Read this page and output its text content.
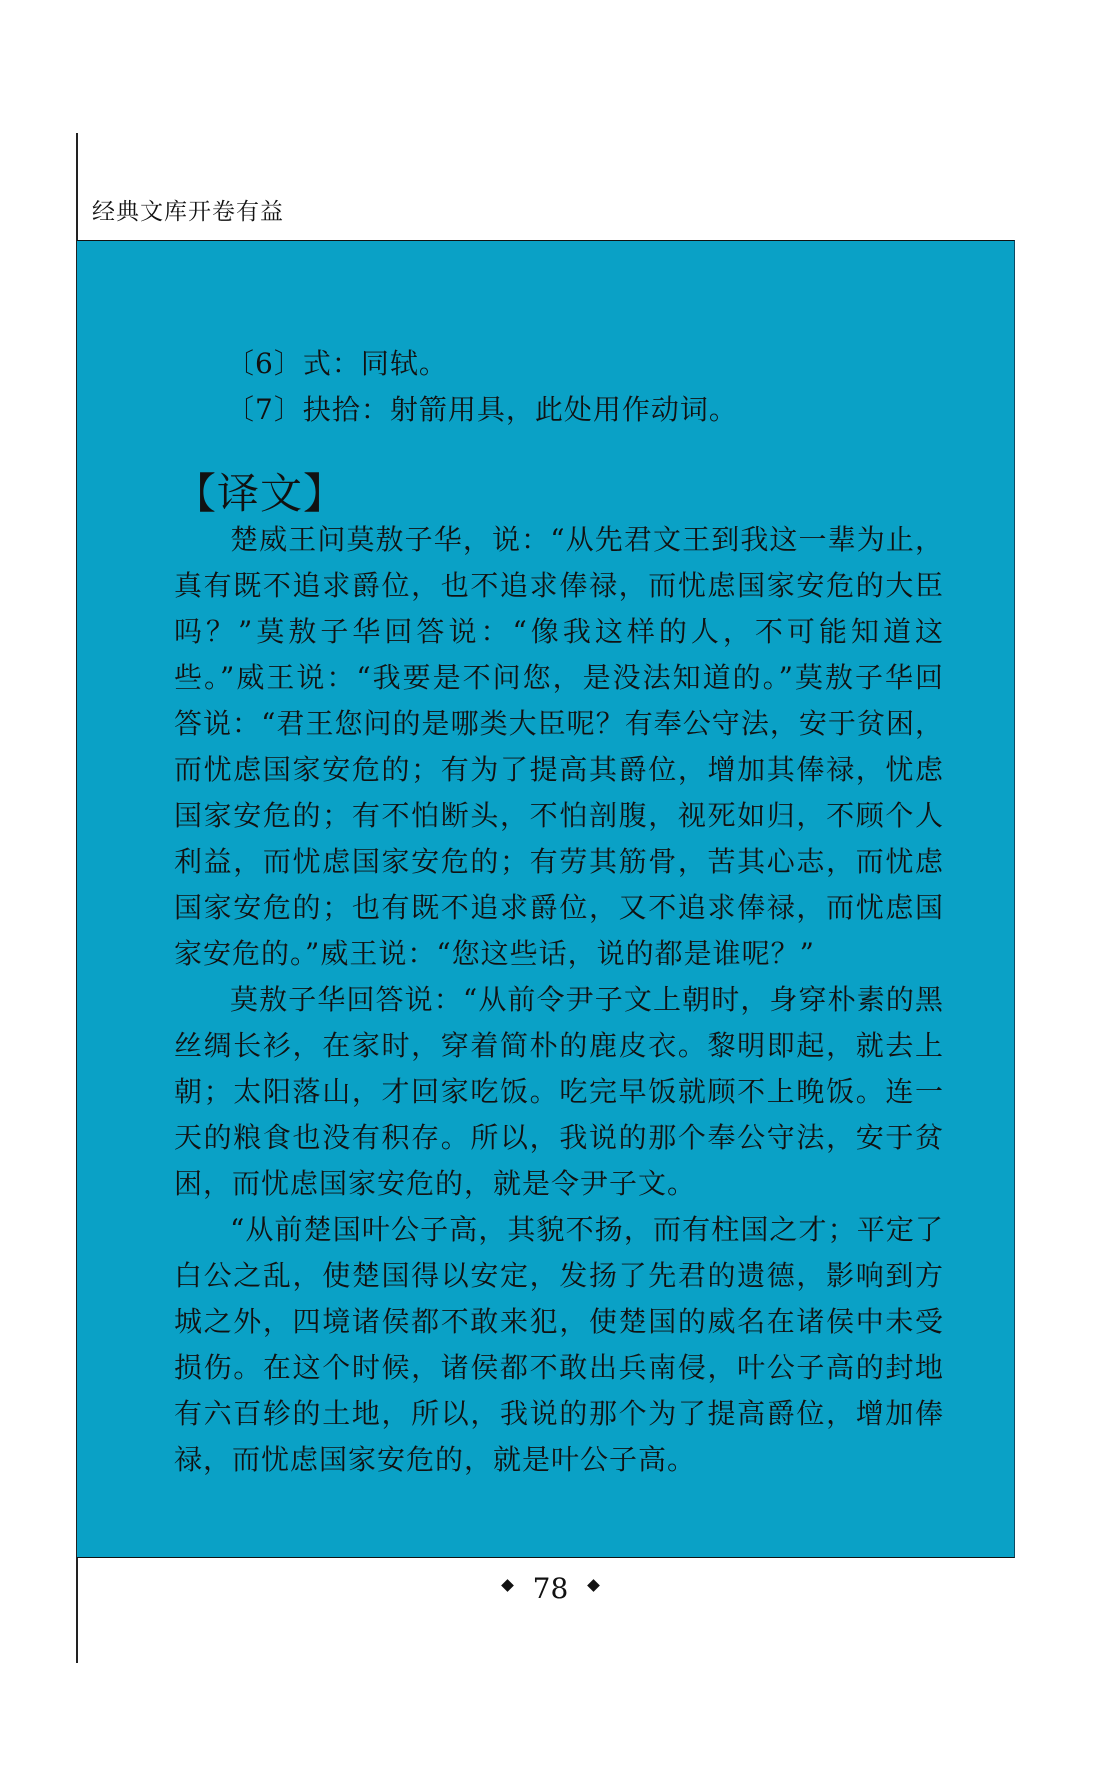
经典文库开卷有益

〔6〕式：同轼。

〔7〕抉拾：射箭用具，此处用作动词。

【译文】

楚威王问莫敖子华，说：“从先君文王到我这一辈为止，真有既不追求爵位，也不追求俸禄，而忧虑国家安危的大臣吗？”莫敖子华回答说：“像我这样的人，不可能知道这些。”威王说：“我要是不问您，是没法知道的。”莫敖子华回答说：“君王您问的是哪类大臣呢？有奉公守法，安于贫困，而忧虑国家安危的；有为了提高其爵位，增加其俸禄，忧虑国家安危的；有不怕断头，不怕剖腹，视死如归，不顾个人利益，而忧虑国家安危的；有劳其筋骨，苦其心志，而忧虑国家安危的；也有既不追求爵位，又不追求俸禄，而忧虑国家安危的。”威王说：“您这些话，说的都是谁呢？”

莫敖子华回答说：“从前令尹子文上朝时，身穿朴素的黑丝绸长衫，在家时，穿着简朴的鹿皮衣。黎明即起，就去上朝；太阳落山，才回家吃饭。吃完早饭就顾不上晚饭。连一天的粮食也没有积存。所以，我说的那个奉公守法，安于贫困，而忧虑国家安危的，就是令尹子文。

“从前楚国叶公子高，其貌不扬，而有柱国之才；平定了白公之乱，使楚国得以安定，发扬了先君的遗德，影响到方城之外，四境诸侯都不敢来犯，使楚国的威名在诸侯中未受损伤。在这个时候，诸侯都不敢出兵南侵，叶公子高的封地有六百轸的土地，所以，我说的那个为了提高爵位，增加俸禄，而忧虑国家安危的，就是叶公子高。

78
